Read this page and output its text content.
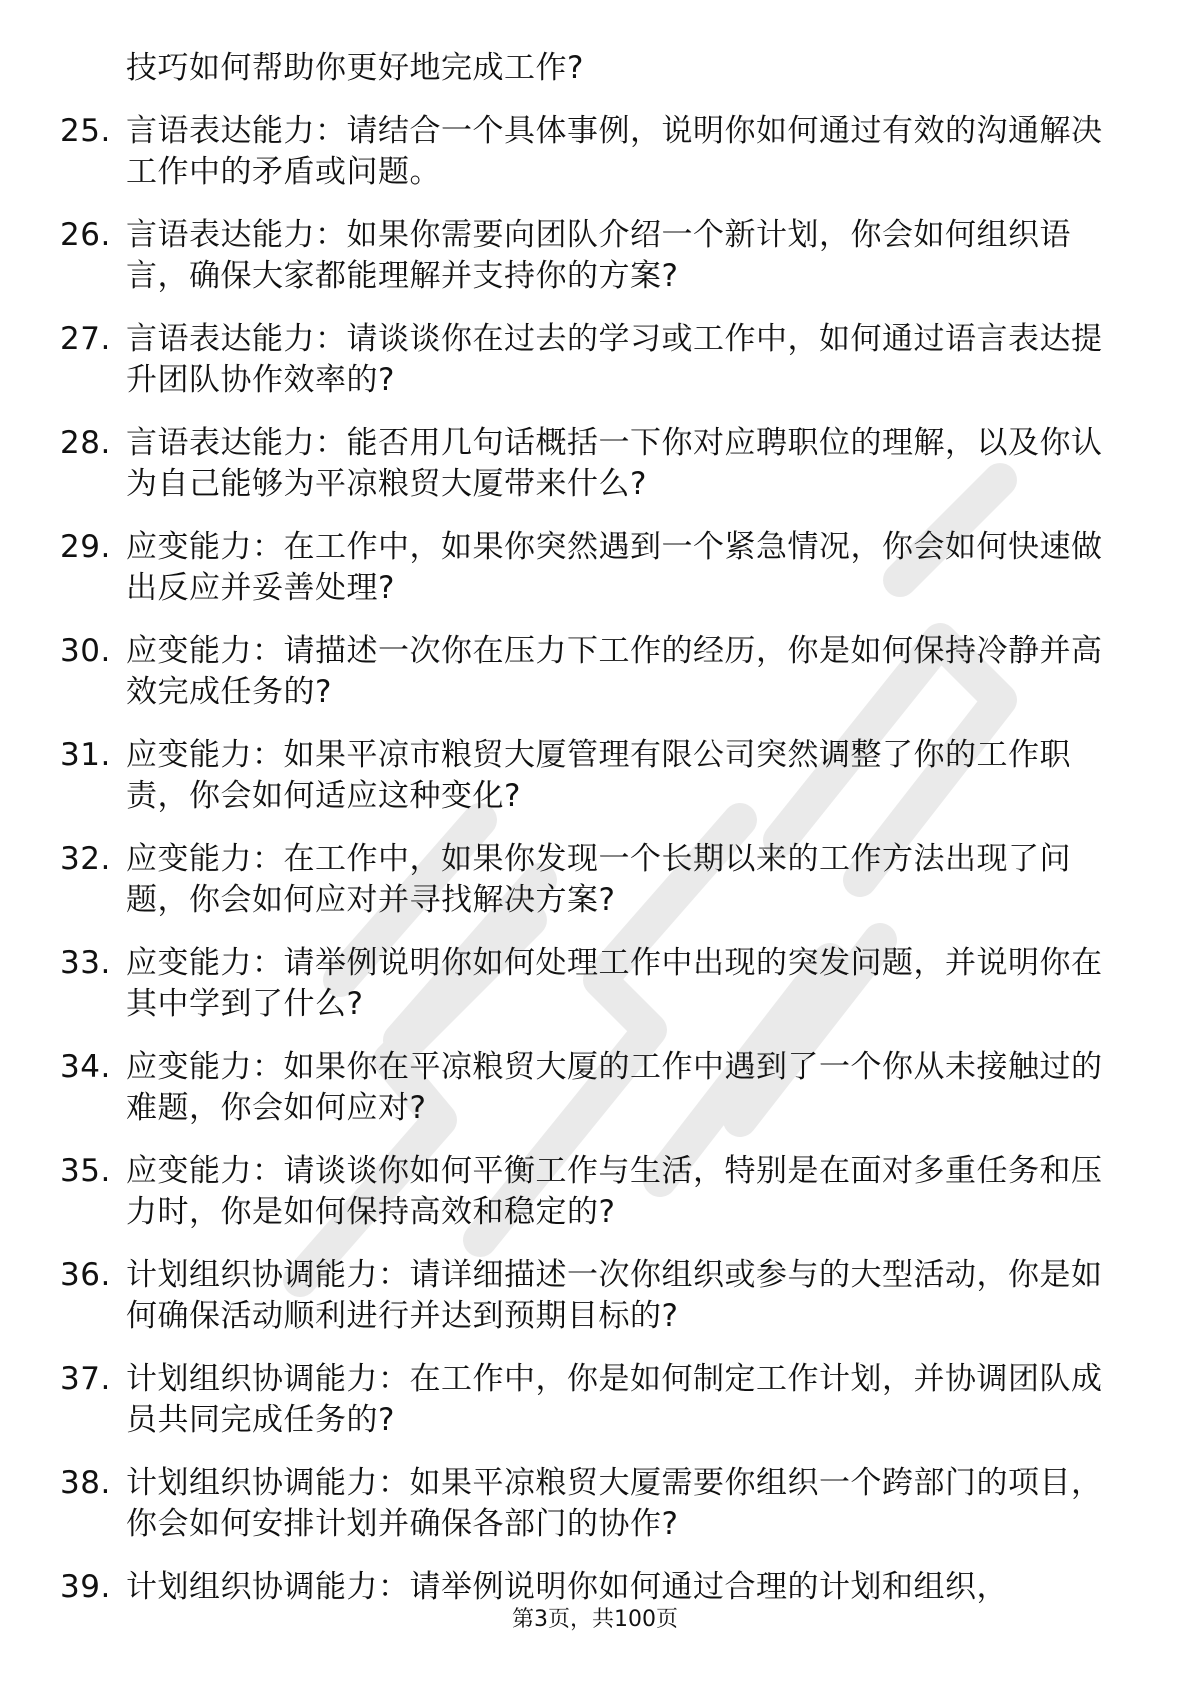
技巧如何帮助你更好地完成工作?
25. 言语表达能力：请结合一个具体事例，说明你如何通过有效的沟通解决工作中的矛盾或问题。
26. 言语表达能力：如果你需要向团队介绍一个新计划，你会如何组织语言，确保大家都能理解并支持你的方案?
27. 言语表达能力：请谈谈你在过去的学习或工作中，如何通过语言表达提升团队协作效率的?
28. 言语表达能力：能否用几句话概括一下你对应聘职位的理解，以及你认为自己能够为平凉粮贸大厦带来什么?
29. 应变能力：在工作中，如果你突然遇到一个紧急情况，你会如何快速做出反应并妥善处理?
30. 应变能力：请描述一次你在压力下工作的经历，你是如何保持冷静并高效完成任务的?
31. 应变能力：如果平凉市粮贸大厦管理有限公司突然调整了你的工作职责，你会如何适应这种变化?
32. 应变能力：在工作中，如果你发现一个长期以来的工作方法出现了问题，你会如何应对并寻找解决方案?
33. 应变能力：请举例说明你如何处理工作中出现的突发问题，并说明你在其中学到了什么?
34. 应变能力：如果你在平凉粮贸大厦的工作中遇到了一个你从未接触过的难题，你会如何应对?
35. 应变能力：请谈谈你如何平衡工作与生活，特别是在面对多重任务和压力时，你是如何保持高效和稳定的?
36. 计划组织协调能力：请详细描述一次你组织或参与的大型活动，你是如何确保活动顺利进行并达到预期目标的?
37. 计划组织协调能力：在工作中，你是如何制定工作计划，并协调团队成员共同完成任务的?
38. 计划组织协调能力：如果平凉粮贸大厦需要你组织一个跨部门的项目，你会如何安排计划并确保各部门的协作?
39. 计划组织协调能力：请举例说明你如何通过合理的计划和组织，
第3页，共100页
